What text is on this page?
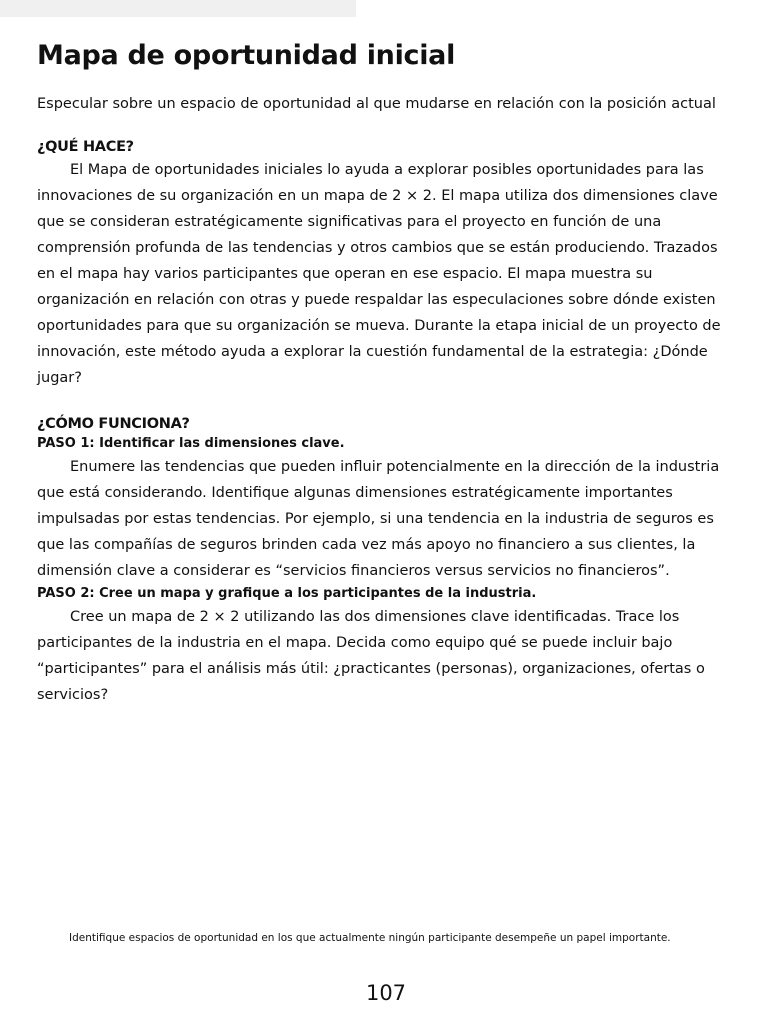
Mapa de oportunidad inicial

Especular sobre un espacio de oportunidad al que mudarse en relación con la posición actual

¿QUÉ HACE?

El Mapa de oportunidades iniciales lo ayuda a explorar posibles oportunidades para las innovaciones de su organización en un mapa de 2 × 2. El mapa utiliza dos dimensiones clave que se consideran estratégicamente significativas para el proyecto en función de una comprensión profunda de las tendencias y otros cambios que se están produciendo. Trazados en el mapa hay varios participantes que operan en ese espacio. El mapa muestra su organización en relación con otras y puede respaldar las especulaciones sobre dónde existen oportunidades para que su organización se mueva. Durante la etapa inicial de un proyecto de innovación, este método ayuda a explorar la cuestión fundamental de la estrategia: ¿Dónde jugar?

¿CÓMO FUNCIONA?
PASO 1: Identificar las dimensiones clave.

Enumere las tendencias que pueden influir potencialmente en la dirección de la industria que está considerando. Identifique algunas dimensiones estratégicamente importantes impulsadas por estas tendencias. Por ejemplo, si una tendencia en la industria de seguros es que las compañías de seguros brinden cada vez más apoyo no financiero a sus clientes, la dimensión clave a considerar es “servicios financieros versus servicios no financieros”.

PASO 2: Cree un mapa y grafique a los participantes de la industria.

Cree un mapa de 2 × 2 utilizando las dos dimensiones clave identificadas. Trace los participantes de la industria en el mapa. Decida como equipo qué se puede incluir bajo “participantes” para el análisis más útil: ¿practicantes (personas), organizaciones, ofertas o servicios?

Identifique espacios de oportunidad en los que actualmente ningún participante desempeñe un papel importante.

107
